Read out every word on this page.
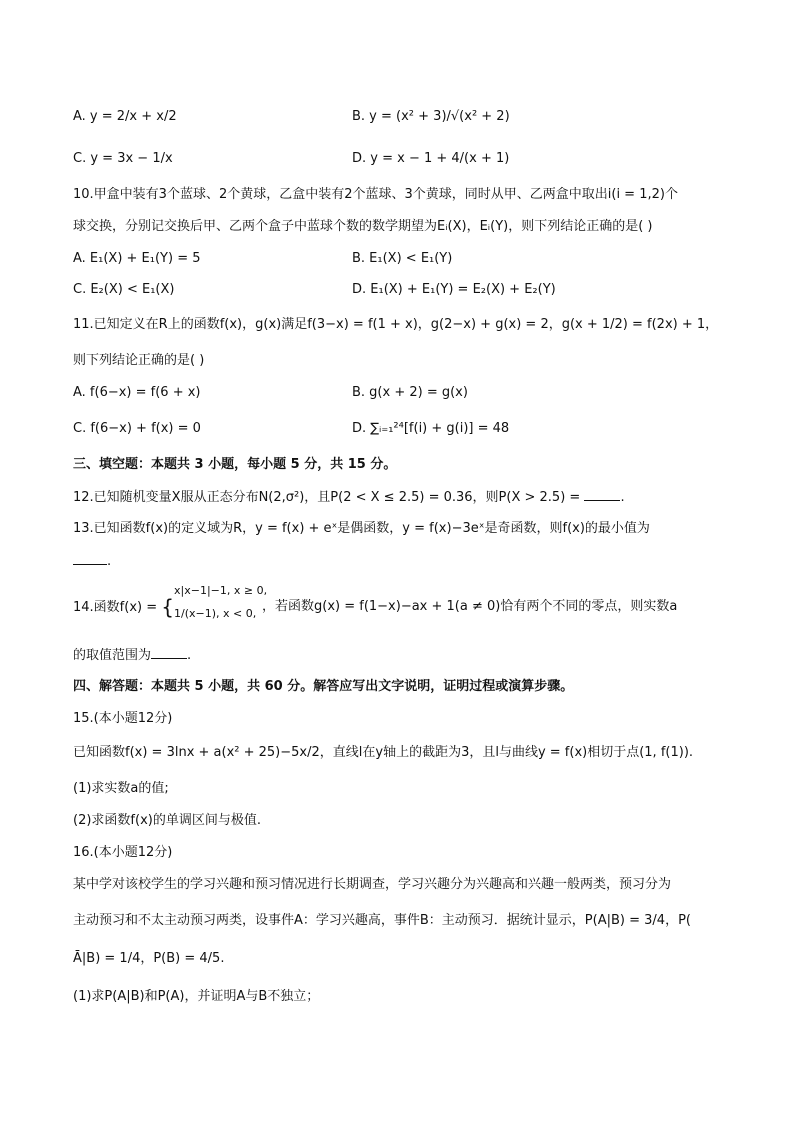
A. y = 2/x + x/2	B. y = (x² + 3)/√(x² + 2)
C. y = 3x − 1/x	D. y = x − 1 + 4/(x + 1)
10.甲盒中装有3个蓝球、2个黄球，乙盒中装有2个蓝球、3个黄球，同时从甲、乙两盒中取出i(i = 1,2)个
球交换，分别记交换后甲、乙两个盒子中蓝球个数的数学期望为Eᵢ(X)，Eᵢ(Y)，则下列结论正确的是( )
A. E₁(X) + E₁(Y) = 5	B. E₁(X) < E₁(Y)
C. E₂(X) < E₁(X)	D. E₁(X) + E₁(Y) = E₂(X) + E₂(Y)
11.已知定义在R上的函数f(x)，g(x)满足f(3−x) = f(1 + x)，g(2−x) + g(x) = 2，g(x + 1/2) = f(2x) + 1，
则下列结论正确的是( )
A. f(6−x) = f(6 + x)	B. g(x + 2) = g(x)
C. f(6−x) + f(x) = 0	D. ∑ᵢ₌₁²⁴[f(i) + g(i)] = 48
三、填空题：本题共 3 小题，每小题 5 分，共 15 分。
12.已知随机变量X服从正态分布N(2,σ²)，且P(2 < X ≤ 2.5) = 0.36，则P(X > 2.5) =	.
13.已知函数f(x)的定义域为R，y = f(x) + eˣ是偶函数，y = f(x)−3eˣ是奇函数，则f(x)的最小值为
.
14.函数f(x) = {
x|x−1|−1, x ≥ 0,
1/(x−1), x < 0, ，若函数g(x) = f(1−x)−ax + 1(a ≠ 0)恰有两个不同的零点，则实数a
的取值范围为	.
四、解答题：本题共 5 小题，共 60 分。解答应写出文字说明，证明过程或演算步骤。
15.(本小题12分)
已知函数f(x) = 3lnx + a(x² + 25)−5x/2，直线l在y轴上的截距为3，且l与曲线y = f(x)相切于点(1, f(1)).
(1)求实数a的值;
(2)求函数f(x)的单调区间与极值.
16.(本小题12分)
某中学对该校学生的学习兴趣和预习情况进行长期调查，学习兴趣分为兴趣高和兴趣一般两类，预习分为
主动预习和不太主动预习两类，设事件A：学习兴趣高，事件B：主动预习．据统计显示，P(A|B) = 3/4，P(
Ā|B) = 1/4，P(B) = 4/5.
(1)求P(A|B)和P(A)，并证明A与B不独立；
